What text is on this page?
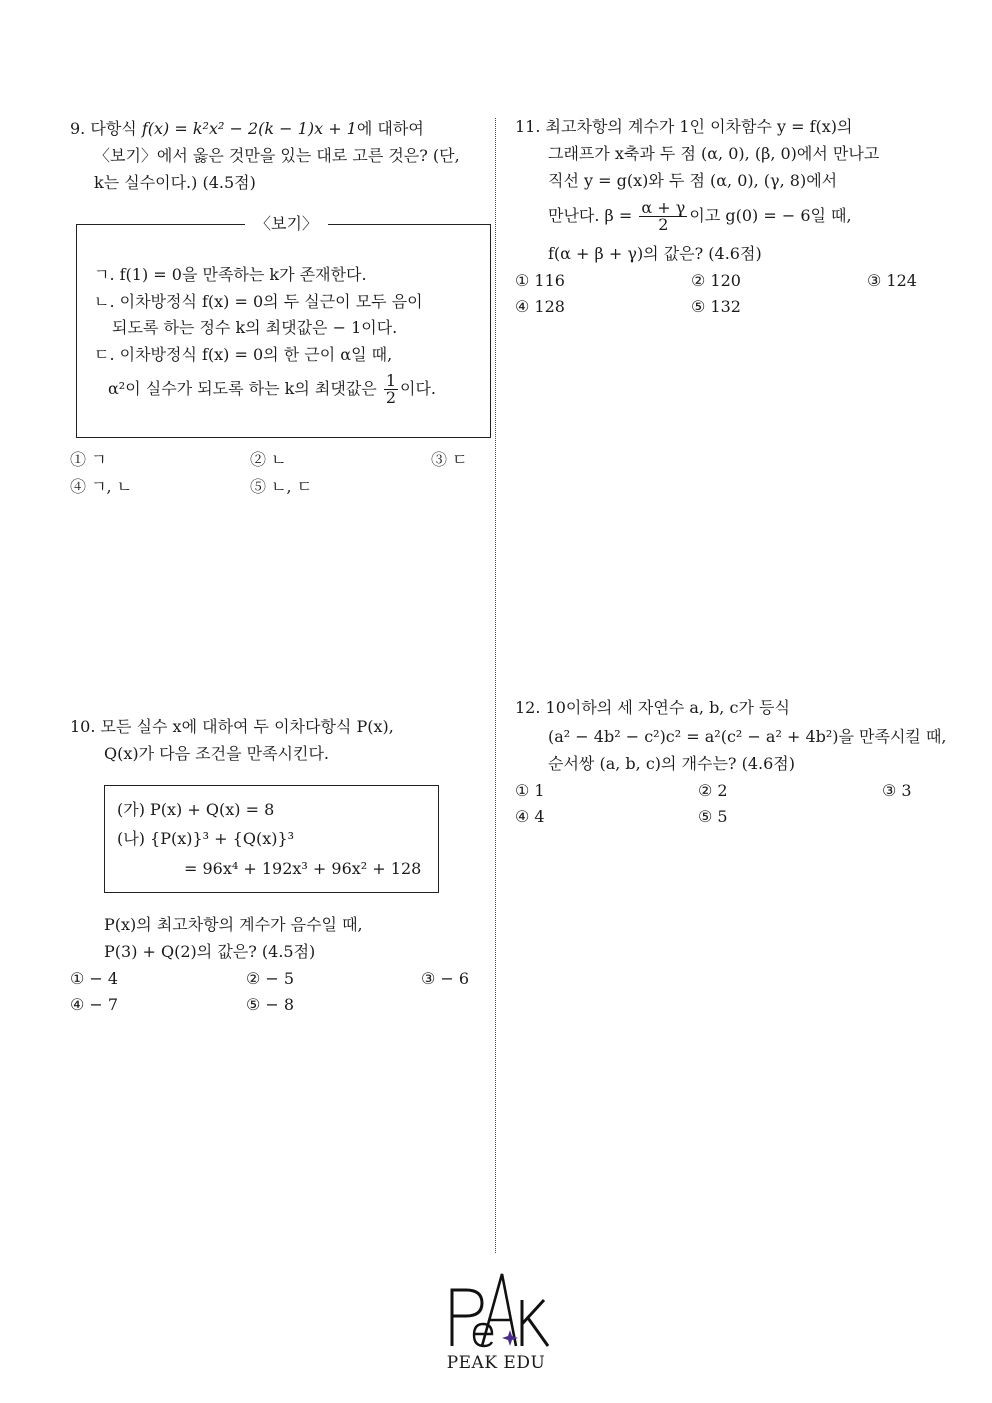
9. 다항식 f(x) = k²x² − 2(k − 1)x + 1에 대하여
〈보기〉에서 옳은 것만을 있는 대로 고른 것은? (단,
k는 실수이다.) (4.5점)
〈보기〉
ㄱ. f(1) = 0을 만족하는 k가 존재한다.
ㄴ. 이차방정식 f(x) = 0의 두 실근이 모두 음이
되도록 하는 정수 k의 최댓값은 − 1이다.
ㄷ. 이차방정식 f(x) = 0의 한 근이 α일 때,
α²이 실수가 되도록 하는 k의 최댓값은 $\frac{1}{2}$ 이다.
① ㄱ	② ㄴ	③ ㄷ
④ ㄱ, ㄴ	⑤ ㄴ, ㄷ
10. 모든 실수 x에 대하여 두 이차다항식 P(x),
Q(x)가 다음 조건을 만족시킨다.
(가) P(x) + Q(x) = 8
(나) {P(x)}³ + {Q(x)}³
= 96x⁴ + 192x³ + 96x² + 128
P(x)의 최고차항의 계수가 음수일 때,
P(3) + Q(2)의 값은? (4.5점)
① − 4	② − 5	③ − 6
④ − 7	⑤ − 8
11. 최고차항의 계수가 1인 이차함수 y = f(x)의
그래프가 x축과 두 점 (α, 0), (β, 0)에서 만나고
직선 y = g(x)와 두 점 (α, 0), (γ, 8)에서
만난다. $\beta = \frac{\alpha + \gamma}{2}$ 이고 g(0) = − 6일 때,
f(α + β + γ)의 값은? (4.6점)
① 116	② 120	③ 124
④ 128	⑤ 132
12. 10이하의 세 자연수 a, b, c가 등식
(a² − 4b² − c²)c² = a²(c² − a² + 4b²)을 만족시킬 때,
순서쌍 (a, b, c)의 개수는? (4.6점)
① 1	② 2	③ 3
④ 4	⑤ 5
PEAK EDU
